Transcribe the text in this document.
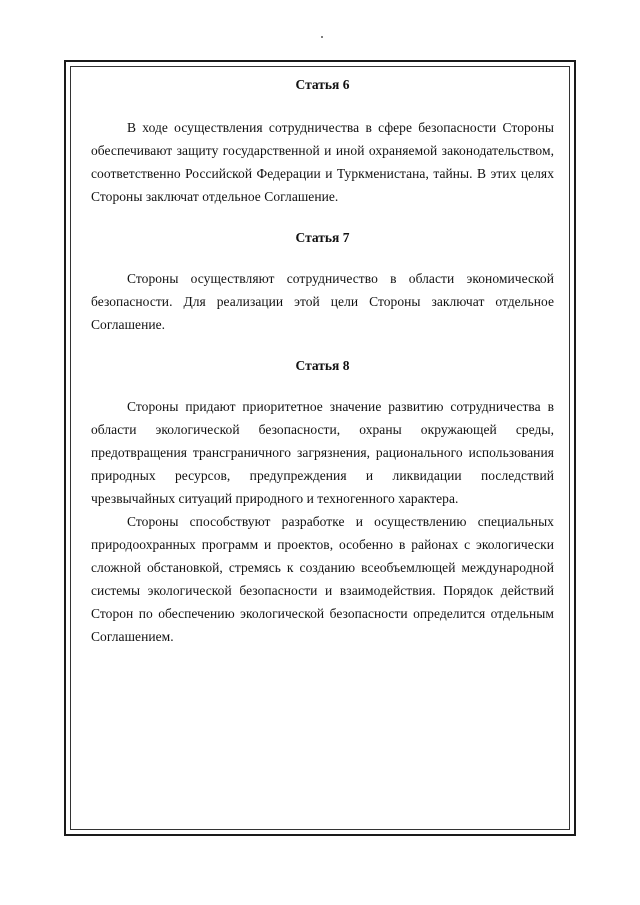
Статья 6

В ходе осуществления сотрудничества в сфере безопасности Стороны обеспечивают защиту государственной и иной охраняемой законодательством, соответственно Российской Федерации и Туркменистана, тайны. В этих целях Стороны заключат отдельное Соглашение.

Статья 7

Стороны осуществляют сотрудничество в области экономической безопасности. Для реализации этой цели Стороны заключат отдельное Соглашение.

Статья 8

Стороны придают приоритетное значение развитию сотрудничества в области экологической безопасности, охраны окружающей среды, предотвращения трансграничного загрязнения, рационального использования природных ресурсов, предупреждения и ликвидации последствий чрезвычайных ситуаций природного и техногенного характера.

Стороны способствуют разработке и осуществлению специальных природоохранных программ и проектов, особенно в районах с экологически сложной обстановкой, стремясь к созданию всеобъемлющей международной системы экологической безопасности и взаимодействия. Порядок действий Сторон по обеспечению экологической безопасности определится отдельным Соглашением.
